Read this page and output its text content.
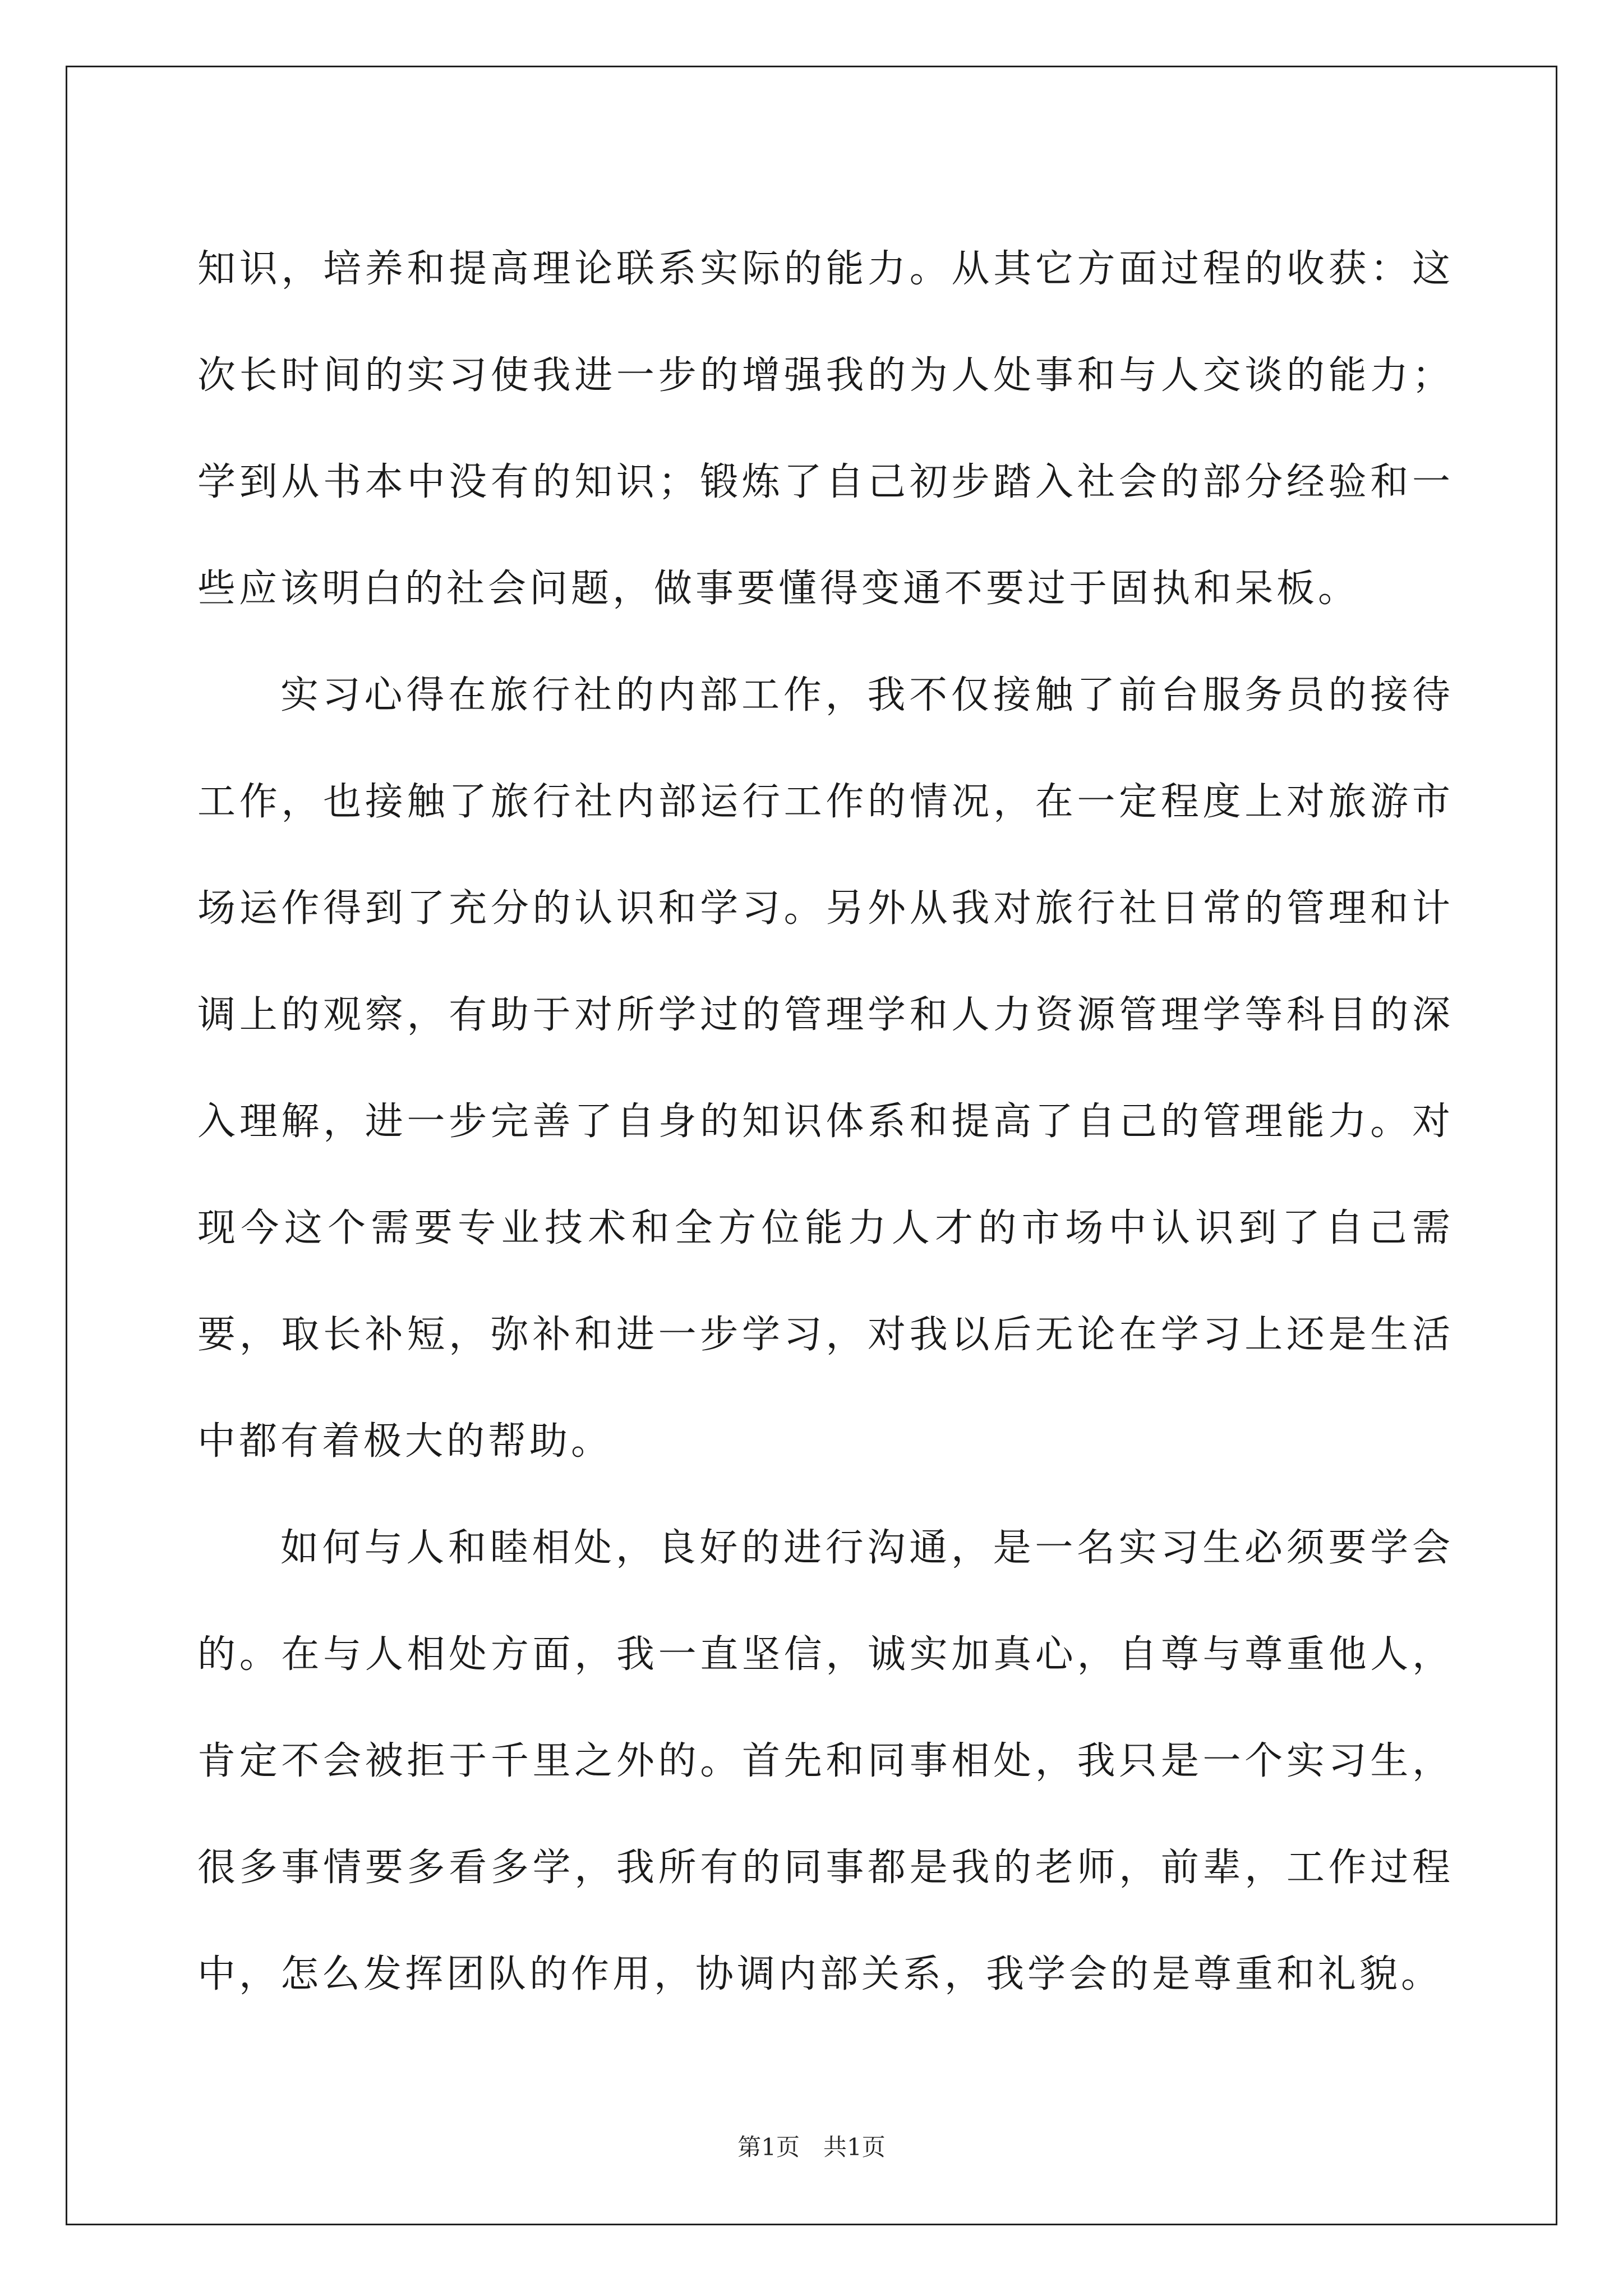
知识，培养和提高理论联系实际的能力。从其它方面过程的收获：这次长时间的实习使我进一步的增强我的为人处事和与人交谈的能力；学到从书本中没有的知识；锻炼了自己初步踏入社会的部分经验和一些应该明白的社会问题，做事要懂得变通不要过于固执和呆板。

实习心得在旅行社的内部工作，我不仅接触了前台服务员的接待工作，也接触了旅行社内部运行工作的情况，在一定程度上对旅游市场运作得到了充分的认识和学习。另外从我对旅行社日常的管理和计调上的观察，有助于对所学过的管理学和人力资源管理学等科目的深入理解，进一步完善了自身的知识体系和提高了自己的管理能力。对现今这个需要专业技术和全方位能力人才的市场中认识到了自己需要，取长补短，弥补和进一步学习，对我以后无论在学习上还是生活中都有着极大的帮助。

如何与人和睦相处，良好的进行沟通，是一名实习生必须要学会的。在与人相处方面，我一直坚信，诚实加真心，自尊与尊重他人，肯定不会被拒于千里之外的。首先和同事相处，我只是一个实习生，很多事情要多看多学，我所有的同事都是我的老师，前辈，工作过程中，怎么发挥团队的作用，协调内部关系，我学会的是尊重和礼貌。

第1页　共1页
